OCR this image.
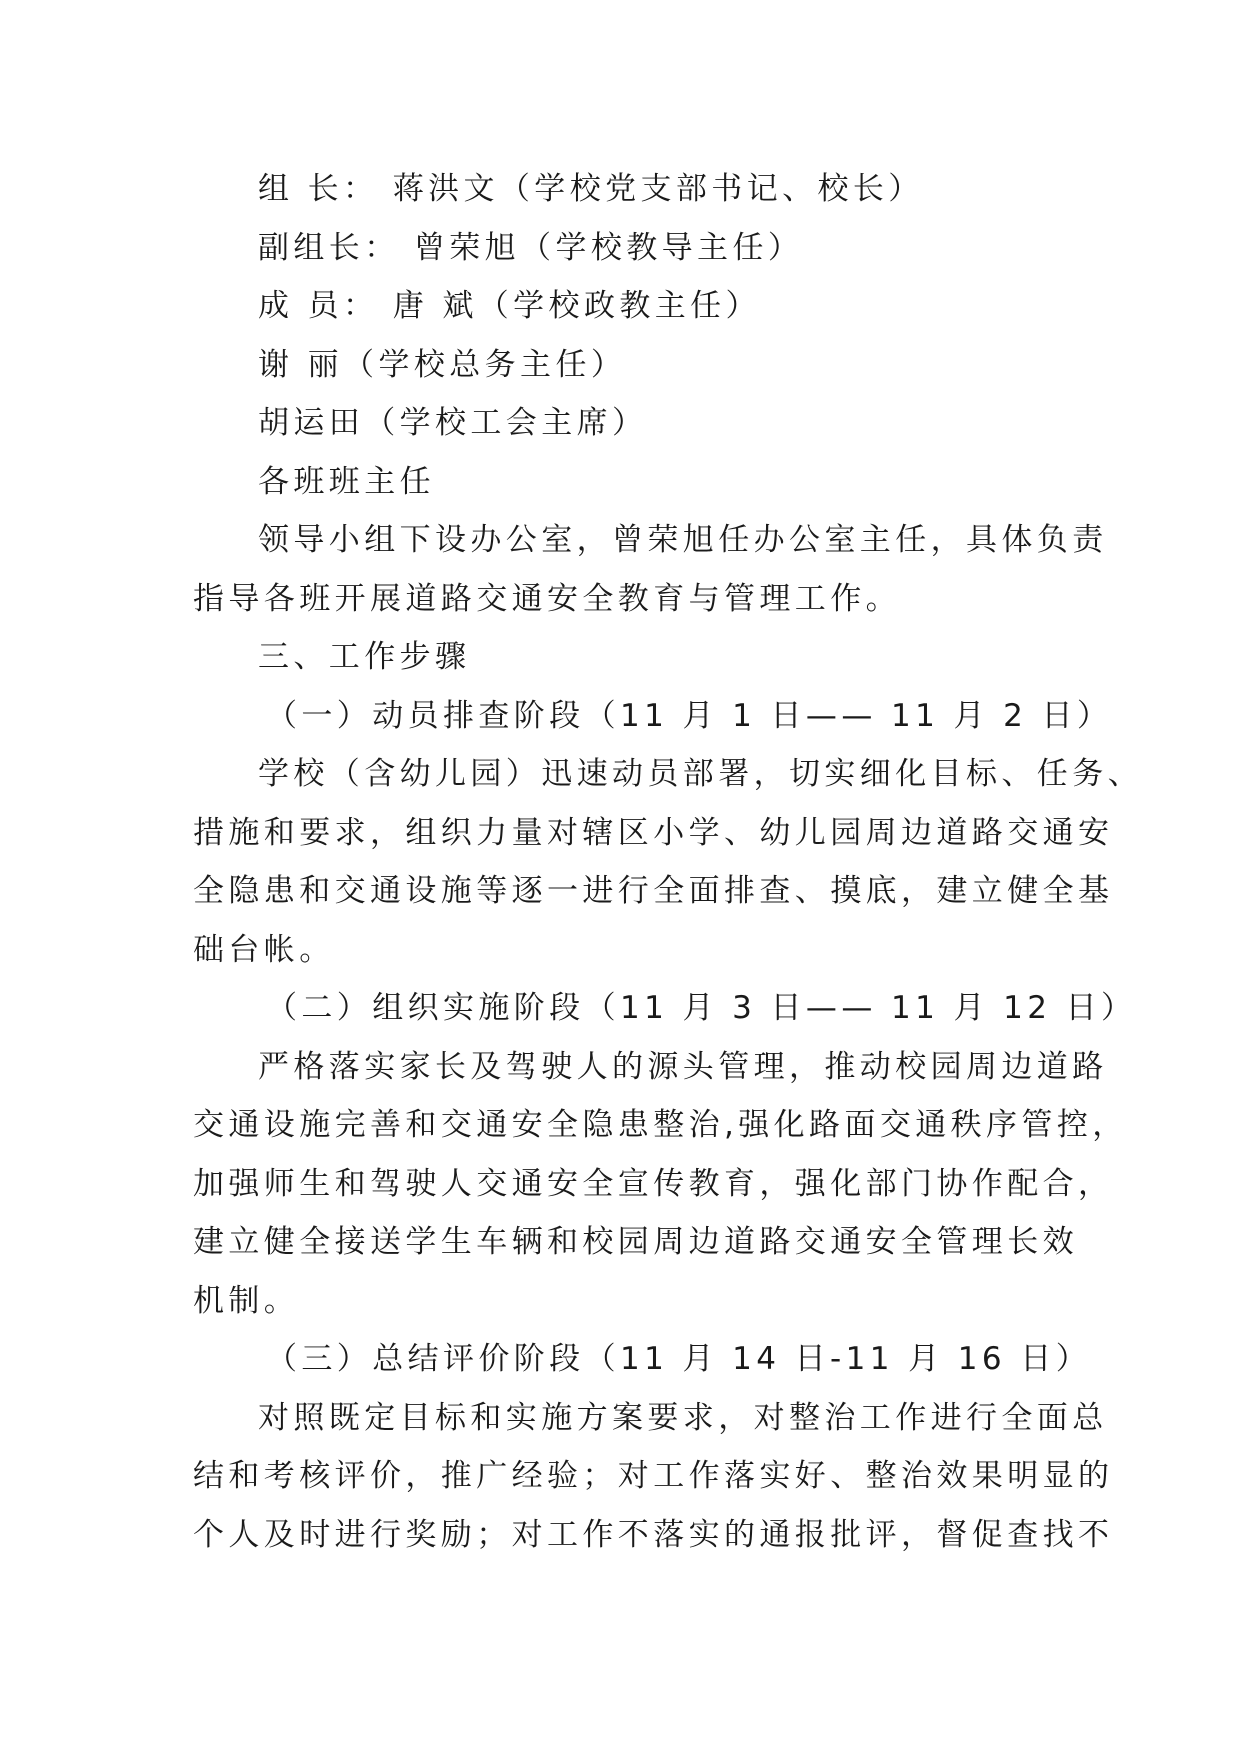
组 长： 蒋洪文（学校党支部书记、校长）
副组长： 曾荣旭（学校教导主任）
成 员： 唐 斌（学校政教主任）
谢 丽（学校总务主任）
胡运田（学校工会主席）
各班班主任
领导小组下设办公室，曾荣旭任办公室主任，具体负责
指导各班开展道路交通安全教育与管理工作。
三、工作步骤
（一）动员排查阶段（11 月 1 日—— 11 月 2 日）
学校（含幼儿园）迅速动员部署，切实细化目标、任务、
措施和要求，组织力量对辖区小学、幼儿园周边道路交通安
全隐患和交通设施等逐一进行全面排查、摸底，建立健全基
础台帐。
（二）组织实施阶段（11 月 3 日—— 11 月 12 日）
严格落实家长及驾驶人的源头管理，推动校园周边道路
交通设施完善和交通安全隐患整治,强化路面交通秩序管控，
加强师生和驾驶人交通安全宣传教育，强化部门协作配合，
建立健全接送学生车辆和校园周边道路交通安全管理长效
机制。
（三）总结评价阶段（11 月 14 日-11 月 16 日）
对照既定目标和实施方案要求，对整治工作进行全面总
结和考核评价，推广经验；对工作落实好、整治效果明显的
个人及时进行奖励；对工作不落实的通报批评，督促查找不
